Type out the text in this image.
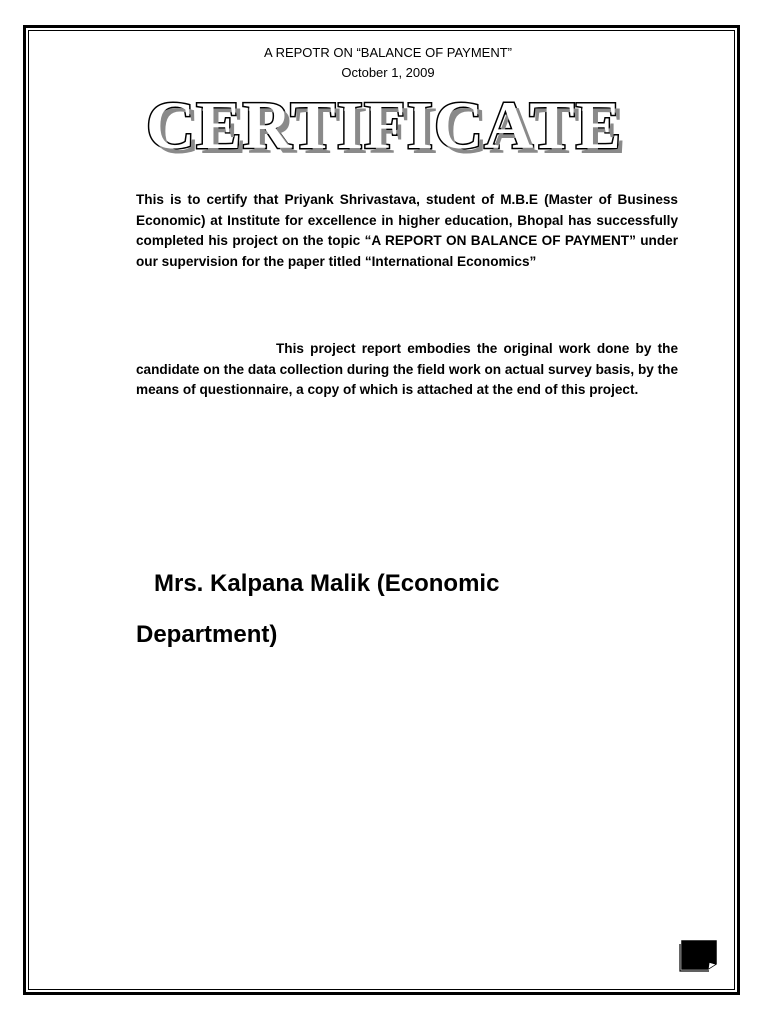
A REPOTR ON “BALANCE OF PAYMENT”
October 1, 2009
CERTIFICATE
This is to certify that Priyank Shrivastava, student of M.B.E (Master of Business Economic) at Institute for excellence in higher education, Bhopal has successfully completed his project on the topic “A REPORT ON BALANCE OF PAYMENT” under our supervision for the paper titled “International Economics”
This project report embodies the original work done by the candidate on the data collection during the field work on actual survey basis, by the means of questionnaire, a copy of which is attached at the end of this project.
Mrs. Kalpana Malik (Economic
Department)
